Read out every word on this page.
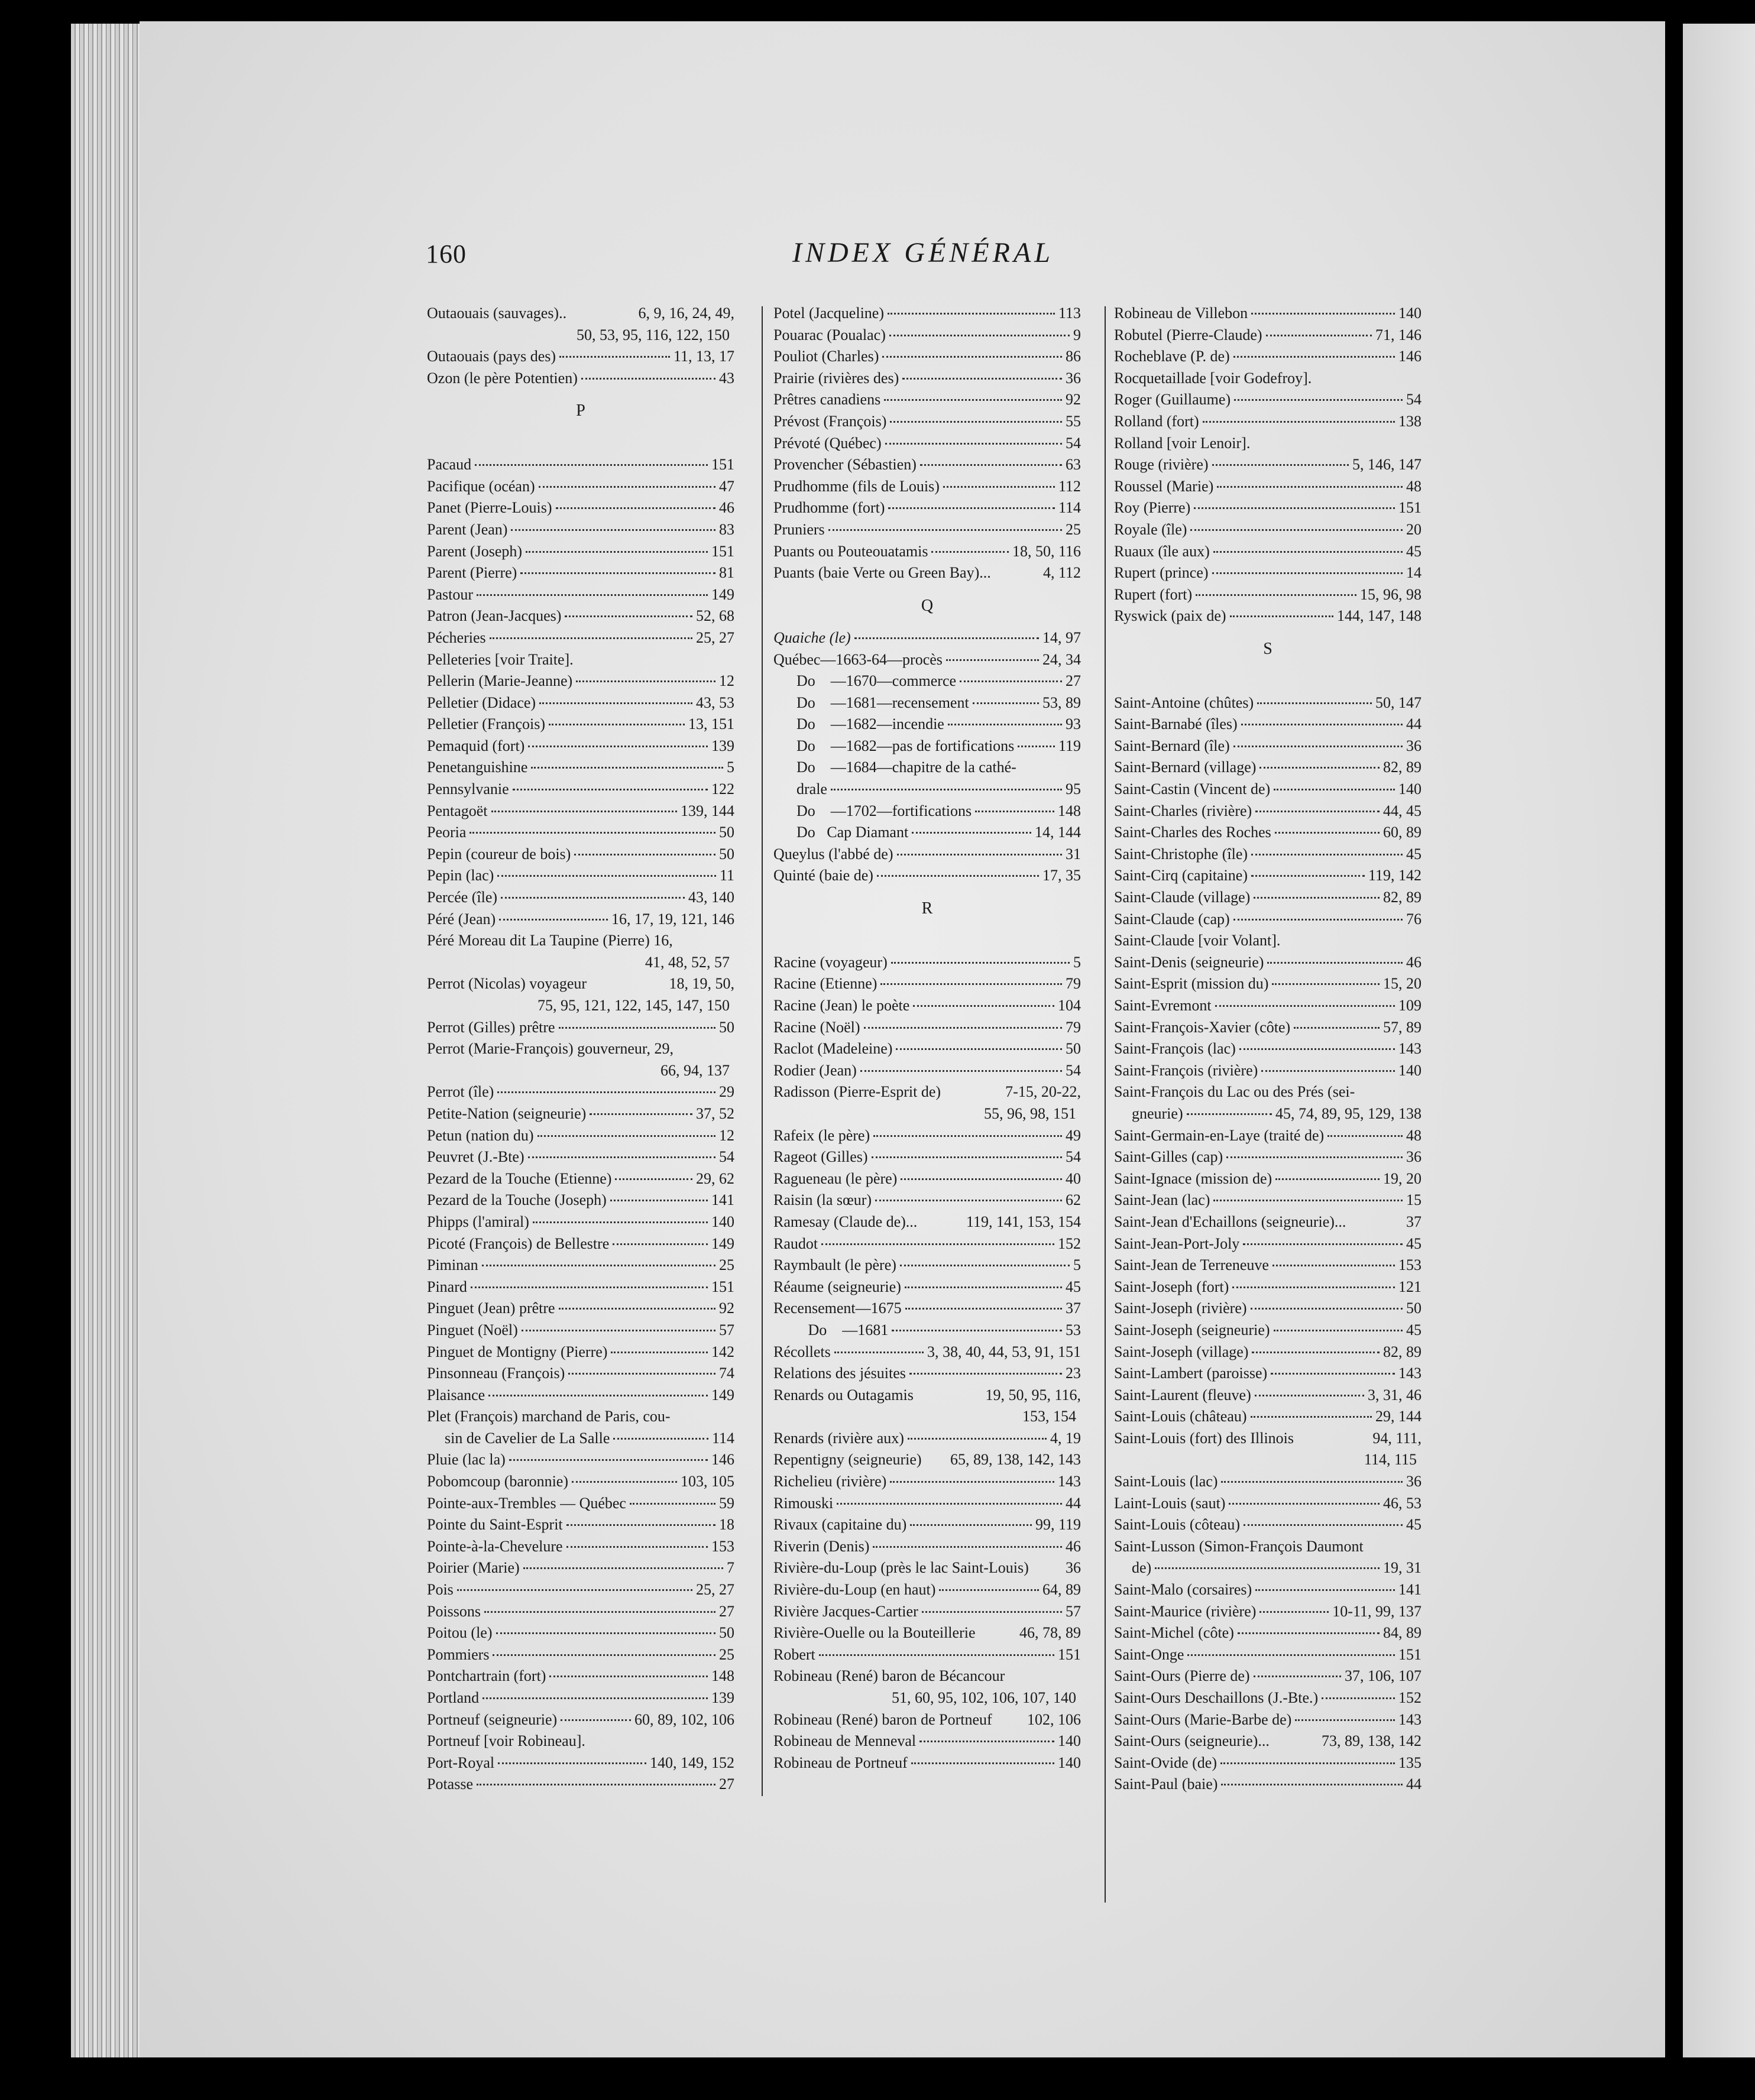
160	INDEX GÉNÉRAL
Outaouais (sauvages)..	6, 9, 16, 24, 49,
50, 53, 95, 116, 122, 150
Outaouais (pays des)	11, 13, 17
Ozon (le père Potentien)	43
P
Pacaud	151
Pacifique (océan)	47
Panet (Pierre-Louis)	46
Parent (Jean)	83
Parent (Joseph)	151
Parent (Pierre)	81
Pastour	149
Patron (Jean-Jacques)	52, 68
Pécheries	25, 27
Pelleteries [voir Traite].
Pellerin (Marie-Jeanne)	12
Pelletier (Didace)	43, 53
Pelletier (François)	13, 151
Pemaquid (fort)	139
Penetanguishine	5
Pennsylvanie	122
Pentagoët	139, 144
Peoria	50
Pepin (coureur de bois)	50
Pepin (lac)	11
Percée (île)	43, 140
Péré (Jean)	16, 17, 19, 121, 146
Péré Moreau dit La Taupine (Pierre) 16,
41, 48, 52, 57
Perrot (Nicolas) voyageur	18, 19, 50,
75, 95, 121, 122, 145, 147, 150
Perrot (Gilles) prêtre	50
Perrot (Marie-François) gouverneur, 29,
66, 94, 137
Perrot (île)	29
Petite-Nation (seigneurie)	37, 52
Petun (nation du)	12
Peuvret (J.-Bte)	54
Pezard de la Touche (Etienne)	29, 62
Pezard de la Touche (Joseph)	141
Phipps (l'amiral)	140
Picoté (François) de Bellestre	149
Piminan	25
Pinard	151
Pinguet (Jean) prêtre	92
Pinguet (Noël)	57
Pinguet de Montigny (Pierre)	142
Pinsonneau (François)	74
Plaisance	149
Plet (François) marchand de Paris, cou-
sin de Cavelier de La Salle	114
Pluie (lac la)	146
Pobomcoup (baronnie)	103, 105
Pointe-aux-Trembles — Québec	59
Pointe du Saint-Esprit	18
Pointe-à-la-Chevelure	153
Poirier (Marie)	7
Pois	25, 27
Poissons	27
Poitou (le)	50
Pommiers	25
Pontchartrain (fort)	148
Portland	139
Portneuf (seigneurie)	60, 89, 102, 106
Portneuf [voir Robineau].
Port-Royal	140, 149, 152
Potasse	27
Potel (Jacqueline)	113
Pouarac (Poualac)	9
Pouliot (Charles)	86
Prairie (rivières des)	36
Prêtres canadiens	92
Prévost (François)	55
Prévoté (Québec)	54
Provencher (Sébastien)	63
Prudhomme (fils de Louis)	112
Prudhomme (fort)	114
Pruniers	25
Puants ou Pouteouatamis	18, 50, 116
Puants (baie Verte ou Green Bay)...	4, 112
Q
Quaiche (le)	14, 97
Québec—1663-64—procès	24, 34
Do    —1670—commerce	27
Do    —1681—recensement	53, 89
Do    —1682—incendie	93
Do    —1682—pas de fortifications	119
Do    —1684—chapitre de la cathé-
drale	95
Do    —1702—fortifications	148
Do   Cap Diamant	14, 144
Queylus (l'abbé de)	31
Quinté (baie de)	17, 35
R
Racine (voyageur)	5
Racine (Etienne)	79
Racine (Jean) le poète	104
Racine (Noël)	79
Raclot (Madeleine)	50
Rodier (Jean)	54
Radisson (Pierre-Esprit de)	7-15, 20-22,
55, 96, 98, 151
Rafeix (le père)	49
Rageot (Gilles)	54
Ragueneau (le père)	40
Raisin (la sœur)	62
Ramesay (Claude de)...	119, 141, 153, 154
Raudot	152
Raymbault (le père)	5
Réaume (seigneurie)	45
Recensement—1675	37
Do    —1681	53
Récollets	3, 38, 40, 44, 53, 91, 151
Relations des jésuites	23
Renards ou Outagamis	19, 50, 95, 116,
153, 154
Renards (rivière aux)	4, 19
Repentigny (seigneurie) 65, 89, 138, 142, 143
Richelieu (rivière)	143
Rimouski	44
Rivaux (capitaine du)	99, 119
Riverin (Denis)	46
Rivière-du-Loup (près le lac Saint-Louis) 36
Rivière-du-Loup (en haut)	64, 89
Rivière Jacques-Cartier	57
Rivière-Ouelle ou la Bouteillerie	46, 78, 89
Robert	151
Robineau (René) baron de Bécancour
51, 60, 95, 102, 106, 107, 140
Robineau (René) baron de Portneuf 102, 106
Robineau de Menneval	140
Robineau de Portneuf	140
Robineau de Villebon	140
Robutel (Pierre-Claude)	71, 146
Rocheblave (P. de)	146
Rocquetaillade [voir Godefroy].
Roger (Guillaume)	54
Rolland (fort)	138
Rolland [voir Lenoir].
Rouge (rivière)	5, 146, 147
Roussel (Marie)	48
Roy (Pierre)	151
Royale (île)	20
Ruaux (île aux)	45
Rupert (prince)	14
Rupert (fort)	15, 96, 98
Ryswick (paix de)	144, 147, 148
S
Saint-Antoine (chûtes)	50, 147
Saint-Barnabé (îles)	44
Saint-Bernard (île)	36
Saint-Bernard (village)	82, 89
Saint-Castin (Vincent de)	140
Saint-Charles (rivière)	44, 45
Saint-Charles des Roches	60, 89
Saint-Christophe (île)	45
Saint-Cirq (capitaine)	119, 142
Saint-Claude (village)	82, 89
Saint-Claude (cap)	76
Saint-Claude [voir Volant].
Saint-Denis (seigneurie)	46
Saint-Esprit (mission du)	15, 20
Saint-Evremont	109
Saint-François-Xavier (côte)	57, 89
Saint-François (lac)	143
Saint-François (rivière)	140
Saint-François du Lac ou des Prés (sei-
gneurie)	45, 74, 89, 95, 129, 138
Saint-Germain-en-Laye (traité de)	48
Saint-Gilles (cap)	36
Saint-Ignace (mission de)	19, 20
Saint-Jean (lac)	15
Saint-Jean d'Echaillons (seigneurie)...	37
Saint-Jean-Port-Joly	45
Saint-Jean de Terreneuve	153
Saint-Joseph (fort)	121
Saint-Joseph (rivière)	50
Saint-Joseph (seigneurie)	45
Saint-Joseph (village)	82, 89
Saint-Lambert (paroisse)	143
Saint-Laurent (fleuve)	3, 31, 46
Saint-Louis (château)	29, 144
Saint-Louis (fort) des Illinois	94, 111,
114, 115
Saint-Louis (lac)	36
Laint-Louis (saut)	46, 53
Saint-Louis (côteau)	45
Saint-Lusson (Simon-François Daumont
de)	19, 31
Saint-Malo (corsaires)	141
Saint-Maurice (rivière)	10-11, 99, 137
Saint-Michel (côte)	84, 89
Saint-Onge	151
Saint-Ours (Pierre de)	37, 106, 107
Saint-Ours Deschaillons (J.-Bte.)	152
Saint-Ours (Marie-Barbe de)	143
Saint-Ours (seigneurie)...	73, 89, 138, 142
Saint-Ovide (de)	135
Saint-Paul (baie)	44
